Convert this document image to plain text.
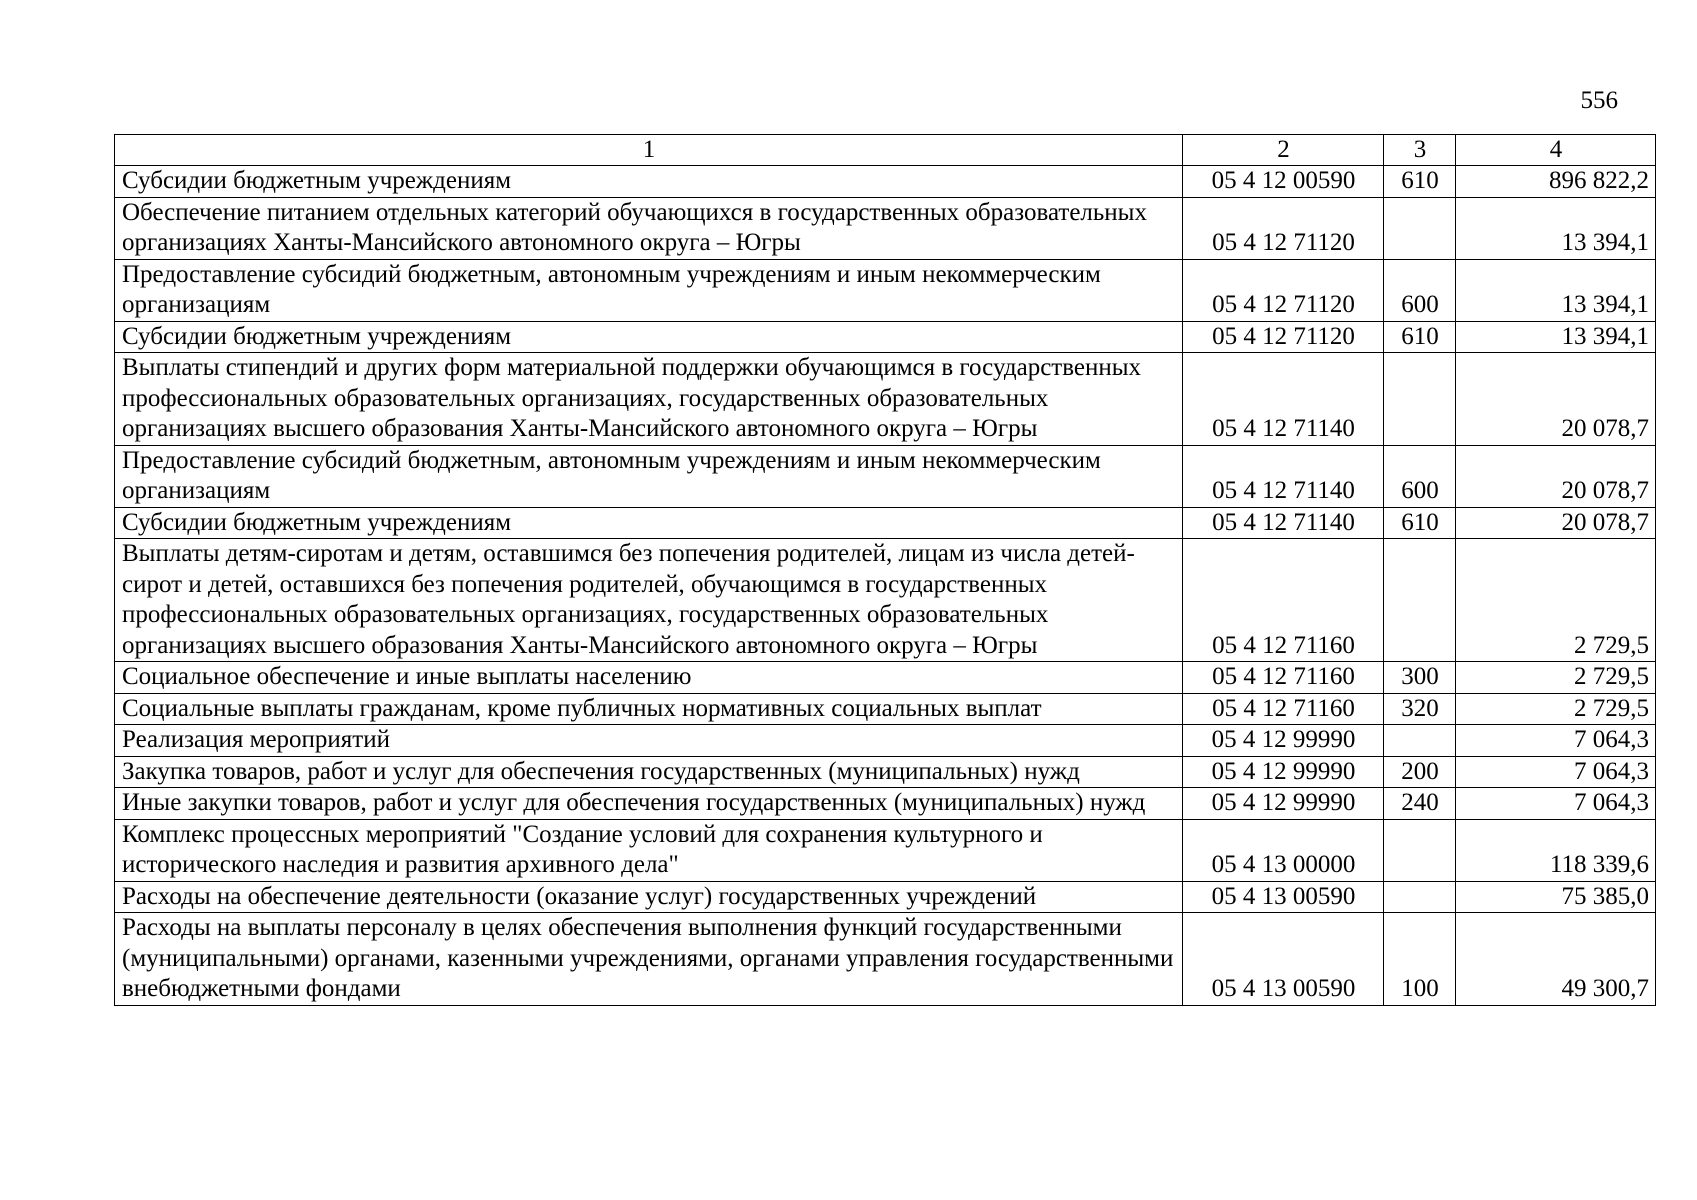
556
1	2	3	4
Субсидии бюджетным учреждениям	05 4 12 00590	610	896 822,2
Обеспечение питанием отдельных категорий обучающихся в государственных образовательных организациях Ханты-Мансийского автономного округа – Югры	05 4 12 71120		13 394,1
Предоставление субсидий бюджетным, автономным учреждениям и иным некоммерческим организациям	05 4 12 71120	600	13 394,1
Субсидии бюджетным учреждениям	05 4 12 71120	610	13 394,1
Выплаты стипендий и других форм материальной поддержки обучающимся в государственных профессиональных образовательных организациях, государственных образовательных организациях высшего образования Ханты-Мансийского автономного округа – Югры	05 4 12 71140		20 078,7
Предоставление субсидий бюджетным, автономным учреждениям и иным некоммерческим организациям	05 4 12 71140	600	20 078,7
Субсидии бюджетным учреждениям	05 4 12 71140	610	20 078,7
Выплаты детям-сиротам и детям, оставшимся без попечения родителей, лицам из числа детей-сирот и детей, оставшихся без попечения родителей, обучающимся в государственных профессиональных образовательных организациях, государственных образовательных организациях высшего образования Ханты-Мансийского автономного округа – Югры	05 4 12 71160		2 729,5
Социальное обеспечение и иные выплаты населению	05 4 12 71160	300	2 729,5
Социальные выплаты гражданам, кроме публичных нормативных социальных выплат	05 4 12 71160	320	2 729,5
Реализация мероприятий	05 4 12 99990		7 064,3
Закупка товаров, работ и услуг для обеспечения государственных (муниципальных) нужд	05 4 12 99990	200	7 064,3
Иные закупки товаров, работ и услуг для обеспечения государственных (муниципальных) нужд	05 4 12 99990	240	7 064,3
Комплекс процессных мероприятий "Создание условий для сохранения культурного и исторического наследия и развития архивного дела"	05 4 13 00000		118 339,6
Расходы на обеспечение деятельности (оказание услуг) государственных учреждений	05 4 13 00590		75 385,0
Расходы на выплаты персоналу в целях обеспечения выполнения функций государственными (муниципальными) органами, казенными учреждениями, органами управления государственными внебюджетными фондами	05 4 13 00590	100	49 300,7
